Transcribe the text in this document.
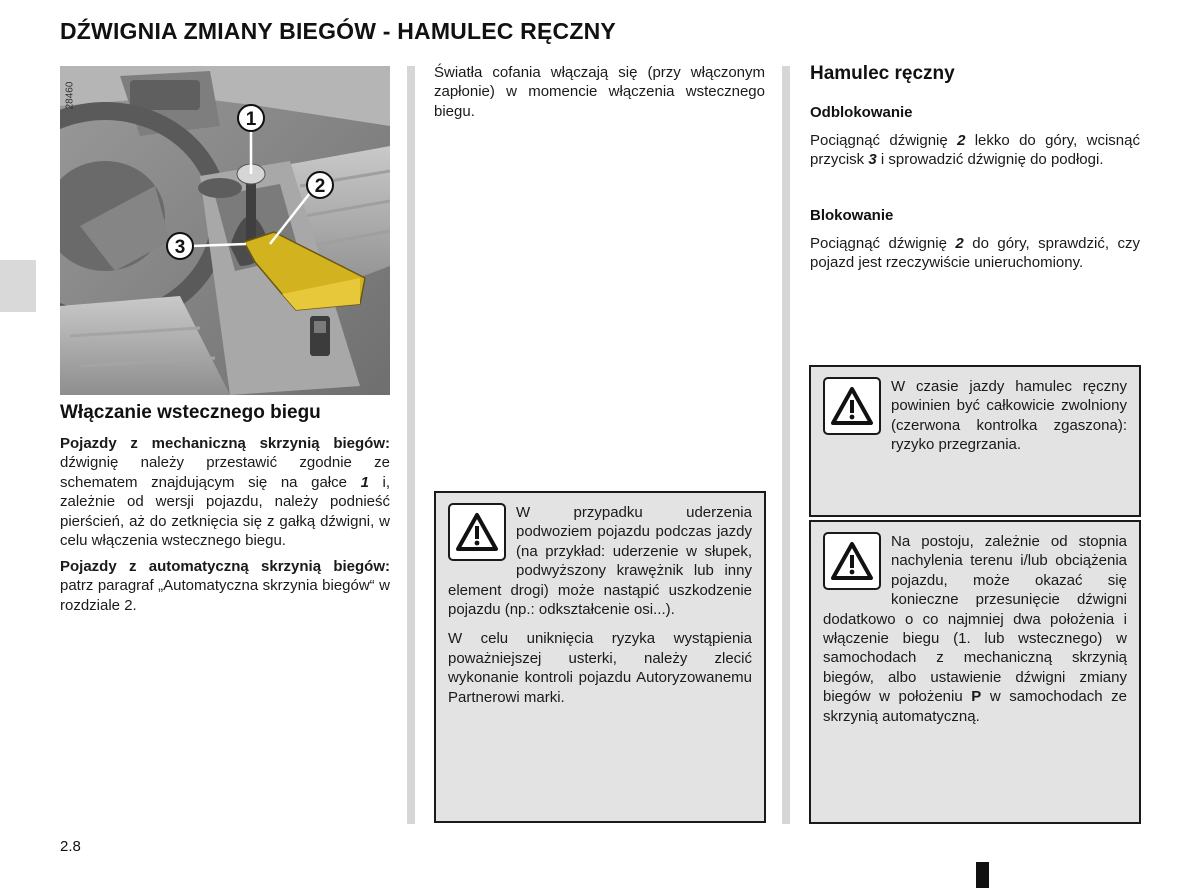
DŹWIGNIA ZMIANY BIEGÓW - HAMULEC RĘCZNY
1
2
3
28460
Włączanie wstecznego biegu

Pojazdy z mechaniczną skrzynią biegów: dźwignię należy przestawić zgodnie ze schematem znajdującym się na gałce 1 i, zależnie od wersji pojazdu, należy podnieść pierścień, aż do zetknięcia się z gałką dźwigni, w celu włączenia wstecznego biegu.

Pojazdy z automatyczną skrzynią biegów: patrz paragraf „Automatyczna skrzynia biegów“ w rozdziale 2.

Światła cofania włączają się (przy włączonym zapłonie) w momencie włączenia wstecznego biegu.

W przypadku uderzenia podwoziem pojazdu podczas jazdy (na przykład: uderzenie w słupek, podwyższony krawężnik lub inny element drogi) może nastąpić uszkodzenie pojazdu (np.: odkształcenie osi...).

W celu uniknięcia ryzyka wystąpienia poważniejszej usterki, należy zlecić wykonanie kontroli pojazdu Autoryzowanemu Partnerowi marki.

Hamulec ręczny
Odblokowanie

Pociągnąć dźwignię 2 lekko do góry, wcisnąć przycisk 3 i sprowadzić dźwignię do podłogi.

Blokowanie

Pociągnąć dźwignię 2 do góry, sprawdzić, czy pojazd jest rzeczywiście unieruchomiony.

W czasie jazdy hamulec ręczny powinien być całkowicie zwolniony (czerwona kontrolka zgaszona): ryzyko przegrzania.

Na postoju, zależnie od stopnia nachylenia terenu i/lub obciążenia pojazdu, może okazać się konieczne przesunięcie dźwigni dodatkowo o co najmniej dwa położenia i włączenie biegu (1. lub wstecznego) w samochodach z mechaniczną skrzynią biegów, albo ustawienie dźwigni zmiany biegów w położeniu P w samochodach ze skrzynią automatyczną.

2.8
